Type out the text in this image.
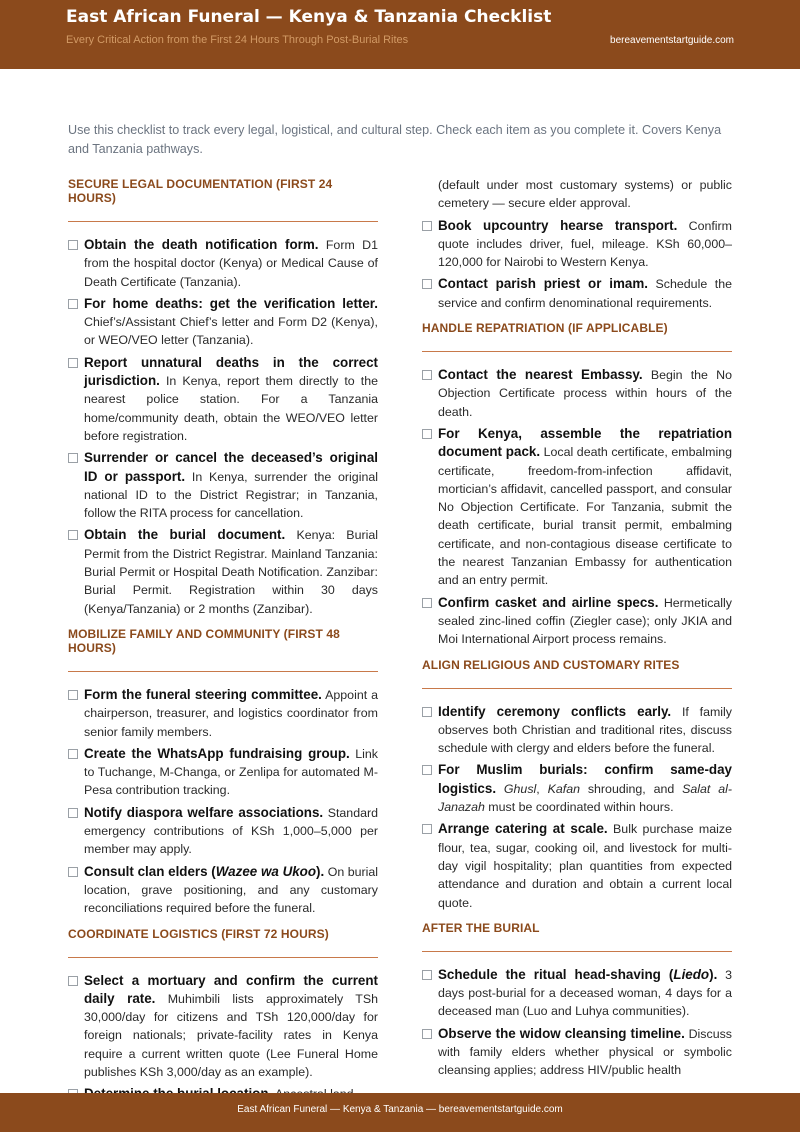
East African Funeral — Kenya & Tanzania Checklist
Every Critical Action from the First 24 Hours Through Post-Burial Rites	bereavementstartguide.com
Use this checklist to track every legal, logistical, and cultural step. Check each item as you complete it. Covers Kenya and Tanzania pathways.
SECURE LEGAL DOCUMENTATION (FIRST 24 HOURS)
Obtain the death notification form. Form D1 from the hospital doctor (Kenya) or Medical Cause of Death Certificate (Tanzania).
For home deaths: get the verification letter. Chief’s/Assistant Chief’s letter and Form D2 (Kenya), or WEO/VEO letter (Tanzania).
Report unnatural deaths in the correct jurisdiction. In Kenya, report them directly to the nearest police station. For a Tanzania home/community death, obtain the WEO/VEO letter before registration.
Surrender or cancel the deceased’s original ID or passport. In Kenya, surrender the original national ID to the District Registrar; in Tanzania, follow the RITA process for cancellation.
Obtain the burial document. Kenya: Burial Permit from the District Registrar. Mainland Tanzania: Burial Permit or Hospital Death Notification. Zanzibar: Burial Permit. Registration within 30 days (Kenya/Tanzania) or 2 months (Zanzibar).
MOBILIZE FAMILY AND COMMUNITY (FIRST 48 HOURS)
Form the funeral steering committee. Appoint a chairperson, treasurer, and logistics coordinator from senior family members.
Create the WhatsApp fundraising group. Link to Tuchange, M-Changa, or Zenlipa for automated M-Pesa contribution tracking.
Notify diaspora welfare associations. Standard emergency contributions of KSh 1,000–5,000 per member may apply.
Consult clan elders (Wazee wa Ukoo). On burial location, grave positioning, and any customary reconciliations required before the funeral.
COORDINATE LOGISTICS (FIRST 72 HOURS)
Select a mortuary and confirm the current daily rate. Muhimbili lists approximately TSh 30,000/day for citizens and TSh 120,000/day for foreign nationals; private-facility rates in Kenya require a current written quote (Lee Funeral Home publishes KSh 3,000/day as an example).
(default under most customary systems) or public cemetery — secure elder approval.
Book upcountry hearse transport. Confirm quote includes driver, fuel, mileage. KSh 60,000–120,000 for Nairobi to Western Kenya.
Contact parish priest or imam. Schedule the service and confirm denominational requirements.
HANDLE REPATRIATION (IF APPLICABLE)
Contact the nearest Embassy. Begin the No Objection Certificate process within hours of the death.
For Kenya, assemble the repatriation document pack. Local death certificate, embalming certificate, freedom-from-infection affidavit, mortician’s affidavit, cancelled passport, and consular No Objection Certificate. For Tanzania, submit the death certificate, burial transit permit, embalming certificate, and non-contagious disease certificate to the nearest Tanzanian Embassy for authentication and an entry permit.
Confirm casket and airline specs. Hermetically sealed zinc-lined coffin (Ziegler case); only JKIA and Moi International Airport process remains.
ALIGN RELIGIOUS AND CUSTOMARY RITES
Identify ceremony conflicts early. If family observes both Christian and traditional rites, discuss schedule with clergy and elders before the funeral.
For Muslim burials: confirm same-day logistics. Ghusl, Kafan shrouding, and Salat al-Janazah must be coordinated within hours.
Arrange catering at scale. Bulk purchase maize flour, tea, sugar, cooking oil, and livestock for multi-day vigil hospitality; plan quantities from expected attendance and duration and obtain a current local quote.
AFTER THE BURIAL
Schedule the ritual head-shaving (Liedo). 3 days post-burial for a deceased woman, 4 days for a deceased man (Luo and Luhya communities).
Observe the widow cleansing timeline. Discuss with family elders whether physical or symbolic cleansing applies; address HIV/public health
East African Funeral — Kenya & Tanzania — bereavementstartguide.com
